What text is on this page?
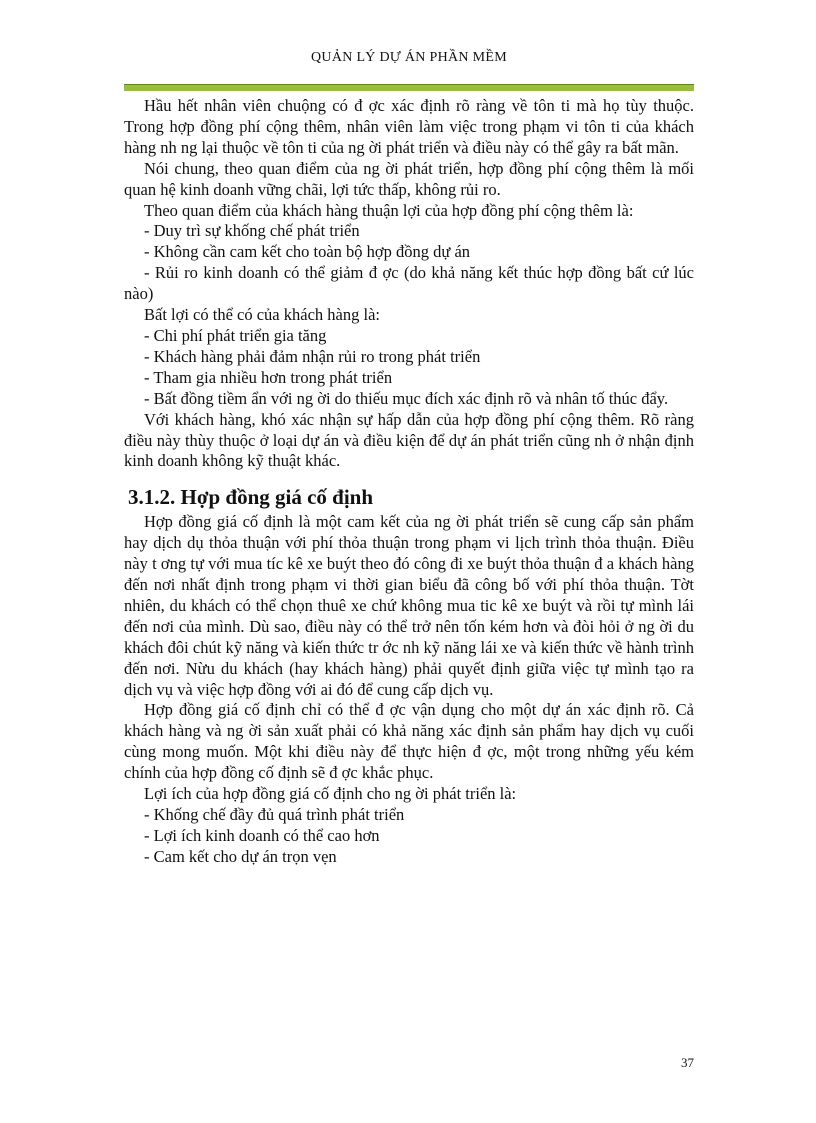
QUẢN LÝ DỰ ÁN PHẦN MỀM

Hầu hết nhân viên chuộng có đ ợc xác định rõ ràng về tôn ti mà họ tùy thuộc. Trong hợp đồng phí cộng thêm, nhân viên làm việc trong phạm vi tôn ti của khách hàng nh ng lại thuộc về tôn ti của ng ời phát triển và điều này có thể gây ra bất mãn.

Nói chung, theo quan điểm của ng ời phát triển, hợp đồng phí cộng thêm là mối quan hệ kinh doanh vững chãi, lợi tức thấp, không rủi ro.

Theo quan điểm của khách hàng thuận lợi của hợp đồng phí cộng thêm là:

- Duy trì sự khống chế phát triển

- Không cần cam kết cho toàn bộ hợp đồng dự án

- Rủi ro kinh doanh có thể giảm đ ợc (do khả năng kết thúc hợp đồng bất cứ lúc nào)

Bất lợi có thể có của khách hàng là:

- Chi phí phát triển gia tăng

- Khách hàng phải đảm nhận rủi ro trong phát triển

- Tham gia nhiều hơn trong phát triển

- Bất đồng tiềm ẩn với ng ời do thiếu mục đích xác định rõ và nhân tố thúc đẩy.

Với khách hàng, khó xác nhận sự hấp dẫn của hợp đồng phí cộng thêm. Rõ ràng điều này thùy thuộc ở loại dự án và điều kiện để dự án phát triển cũng nh ở nhận định kinh doanh không kỹ thuật khác.

3.1.2. Hợp đồng giá cố định

Hợp đồng giá cố định là một cam kết của ng ời phát triển sẽ cung cấp sản phẩm hay dịch dụ thỏa thuận với phí thỏa thuận trong phạm vi lịch trình thỏa thuận. Điều này t ơng tự với mua tíc kê xe buýt theo đó công đi xe buýt thỏa thuận đ a khách hàng đến nơi nhất định trong phạm vi thời gian biểu đã công bố với phí thỏa thuận. Tờt nhiên, du khách có thể chọn thuê xe chứ không mua tic kê xe buýt và rồi tự mình lái đến nơi của mình. Dù sao, điều này có thể trở nên tốn kém hơn và đòi hỏi ở ng ời du khách đôi chút kỹ năng và kiến thức tr ớc nh kỹ năng lái xe và kiến thức về hành trình đến nơi. Nừu du khách (hay khách hàng) phải quyết định giữa việc tự mình tạo ra dịch vụ và việc hợp đồng với ai đó để cung cấp dịch vụ.

Hợp đồng giá cố định chỉ có thể đ ợc vận dụng cho một dự án xác định rõ. Cả khách hàng và ng ời sản xuất phải có khả năng xác định sản phẩm hay dịch vụ cuối cùng mong muốn. Một khi điều này để thực hiện đ ợc, một trong những yếu kém chính của hợp đồng cố định sẽ đ ợc khắc phục.

Lợi ích của hợp đồng giá cố định cho ng ời phát triển là:

- Khống chế đầy đủ quá trình phát triển

- Lợi ích kinh doanh có thể cao hơn

- Cam kết cho dự án trọn vẹn

37
